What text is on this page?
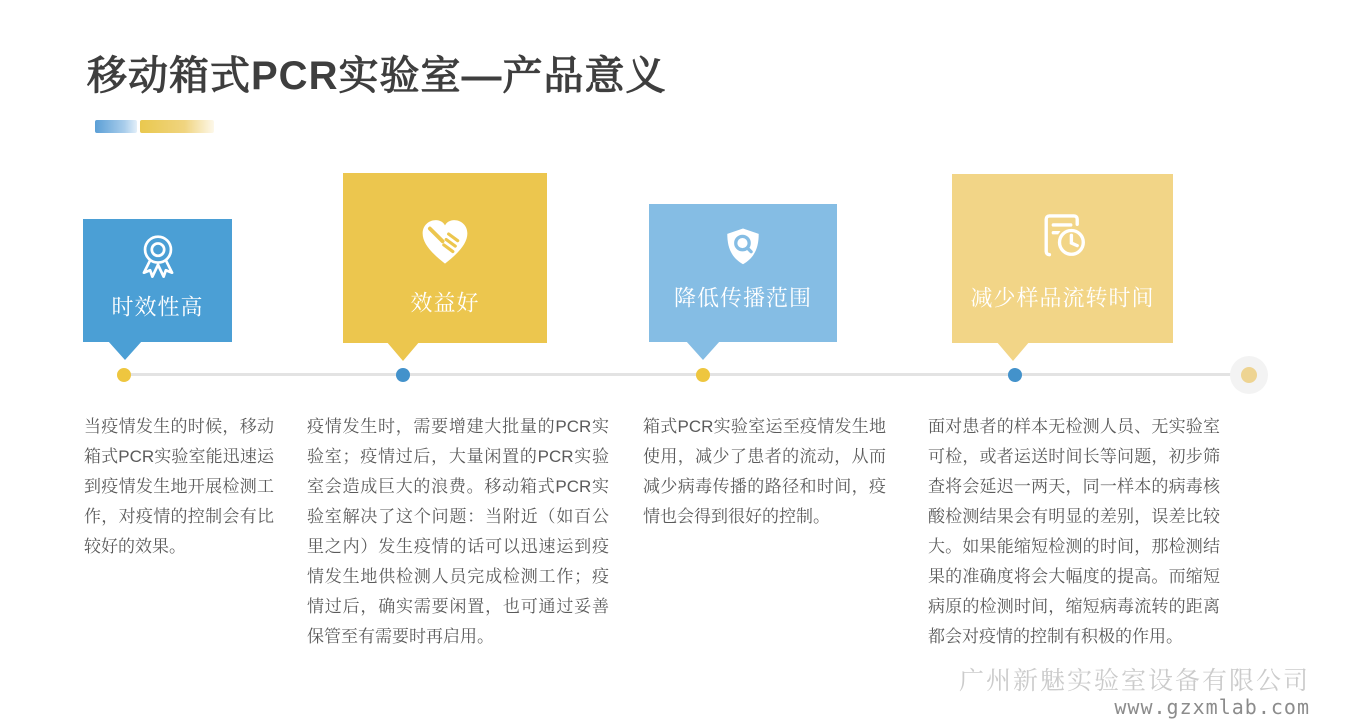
移动箱式PCR实验室—产品意义
时效性高	效益好	降低传播范围	减少样品流转时间

当疫情发生的时候，移动箱式PCR实验室能迅速运到疫情发生地开展检测工作，对疫情的控制会有比较好的效果。

疫情发生时，需要增建大批量的PCR实验室；疫情过后，大量闲置的PCR实验室会造成巨大的浪费。移动箱式PCR实验室解决了这个问题：当附近（如百公里之内）发生疫情的话可以迅速运到疫情发生地供检测人员完成检测工作；疫情过后，确实需要闲置，也可通过妥善保管至有需要时再启用。

箱式PCR实验室运至疫情发生地使用，减少了患者的流动，从而减少病毒传播的路径和时间，疫情也会得到很好的控制。

面对患者的样本无检测人员、无实验室可检，或者运送时间长等问题，初步筛查将会延迟一两天，同一样本的病毒核酸检测结果会有明显的差别，误差比较大。如果能缩短检测的时间，那检测结果的准确度将会大幅度的提高。而缩短病原的检测时间，缩短病毒流转的距离都会对疫情的控制有积极的作用。

广州新魅实验室设备有限公司
www.gzxmlab.com
